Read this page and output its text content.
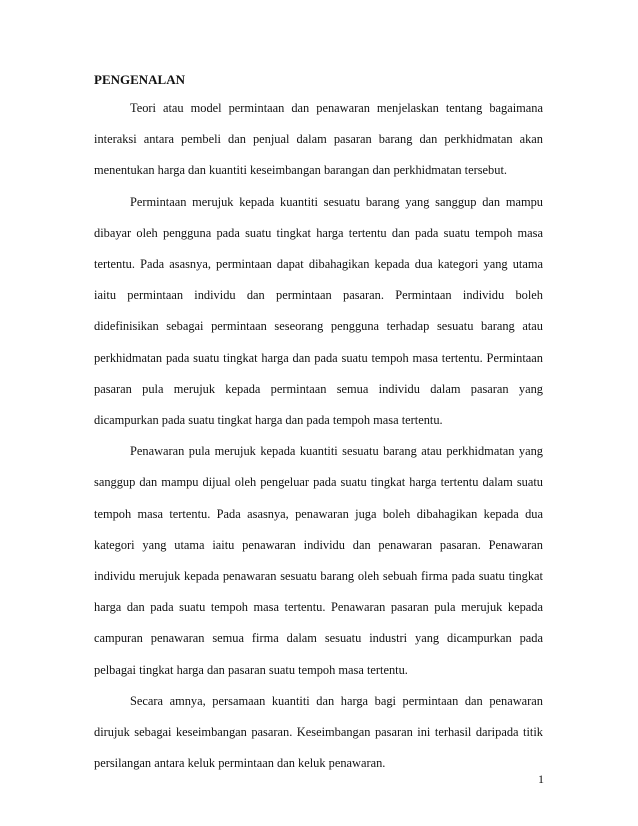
PENGENALAN

Teori atau model permintaan dan penawaran menjelaskan tentang bagaimana interaksi antara pembeli dan penjual dalam pasaran barang dan perkhidmatan akan menentukan harga dan kuantiti keseimbangan barangan dan perkhidmatan tersebut.

Permintaan merujuk kepada kuantiti sesuatu barang yang sanggup dan mampu dibayar oleh pengguna pada suatu tingkat harga tertentu dan pada suatu tempoh masa tertentu. Pada asasnya, permintaan dapat dibahagikan kepada dua kategori yang utama iaitu permintaan individu dan permintaan pasaran. Permintaan individu boleh didefinisikan sebagai permintaan seseorang pengguna terhadap sesuatu barang atau perkhidmatan pada suatu tingkat harga dan pada suatu tempoh masa tertentu. Permintaan pasaran pula merujuk kepada permintaan semua individu dalam pasaran yang dicampurkan pada suatu tingkat harga dan pada tempoh masa tertentu.

Penawaran pula merujuk kepada kuantiti sesuatu barang atau perkhidmatan yang sanggup dan mampu dijual oleh pengeluar pada suatu tingkat harga tertentu dalam suatu tempoh masa tertentu. Pada asasnya, penawaran juga boleh dibahagikan kepada dua kategori yang utama iaitu penawaran individu dan penawaran pasaran. Penawaran individu merujuk kepada penawaran sesuatu barang oleh sebuah firma pada suatu tingkat harga dan pada suatu tempoh masa tertentu. Penawaran pasaran pula merujuk kepada campuran penawaran semua firma dalam sesuatu industri yang dicampurkan pada pelbagai tingkat harga dan pasaran suatu tempoh masa tertentu.

Secara amnya, persamaan kuantiti dan harga bagi permintaan dan penawaran dirujuk sebagai keseimbangan pasaran. Keseimbangan pasaran ini terhasil daripada titik persilangan antara keluk permintaan dan keluk penawaran.

1
